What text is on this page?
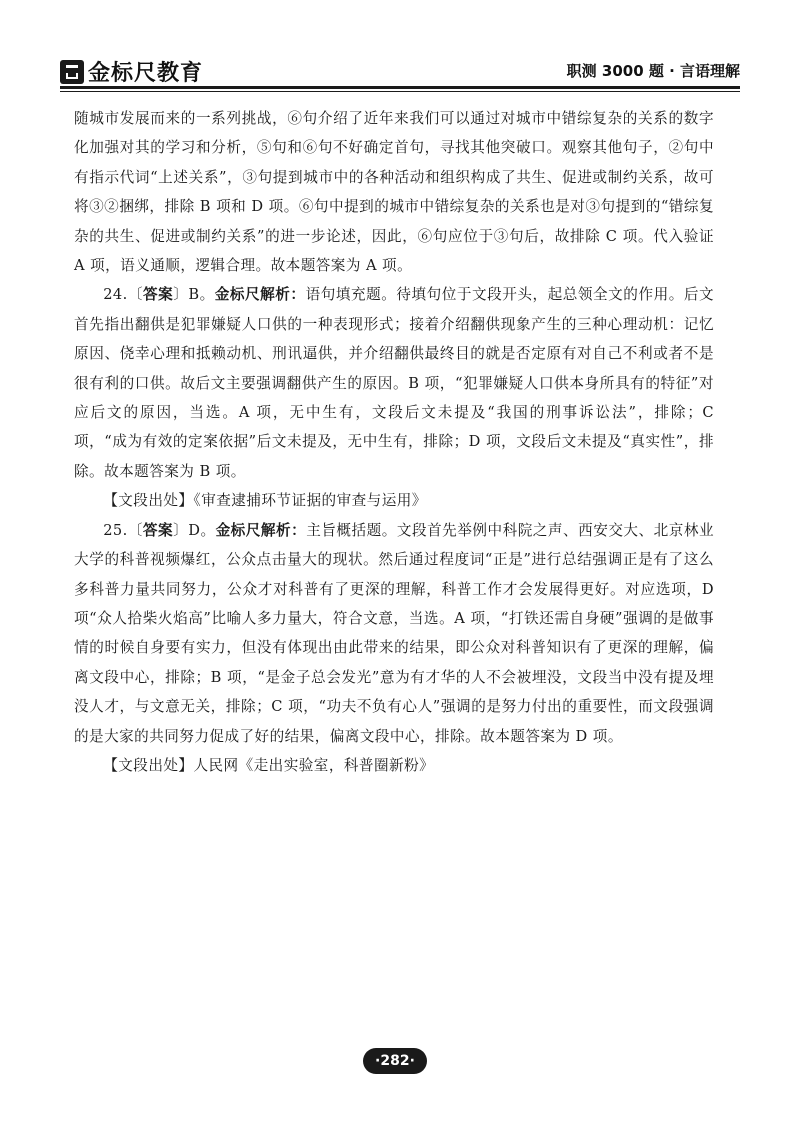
金标尺教育	职测 3000 题 · 言语理解

随城市发展而来的一系列挑战，⑥句介绍了近年来我们可以通过对城市中错综复杂的关系的数字化加强对其的学习和分析，⑤句和⑥句不好确定首句，寻找其他突破口。观察其他句子，②句中有指示代词“上述关系”，③句提到城市中的各种活动和组织构成了共生、促进或制约关系，故可将③②捆绑，排除 B 项和 D 项。⑥句中提到的城市中错综复杂的关系也是对③句提到的“错综复杂的共生、促进或制约关系”的进一步论述，因此，⑥句应位于③句后，故排除 C 项。代入验证 A 项，语义通顺，逻辑合理。故本题答案为 A 项。

24.〔答案〕B。金标尺解析：语句填充题。待填句位于文段开头，起总领全文的作用。后文首先指出翻供是犯罪嫌疑人口供的一种表现形式；接着介绍翻供现象产生的三种心理动机：记忆原因、侥幸心理和抵赖动机、刑讯逼供，并介绍翻供最终目的就是否定原有对自己不利或者不是很有利的口供。故后文主要强调翻供产生的原因。B 项，“犯罪嫌疑人口供本身所具有的特征”对应后文的原因，当选。A 项，无中生有，文段后文未提及“我国的刑事诉讼法”，排除；C 项，“成为有效的定案依据”后文未提及，无中生有，排除；D 项，文段后文未提及“真实性”，排除。故本题答案为 B 项。

【文段出处】《审查逮捕环节证据的审查与运用》

25.〔答案〕D。金标尺解析：主旨概括题。文段首先举例中科院之声、西安交大、北京林业大学的科普视频爆红，公众点击量大的现状。然后通过程度词“正是”进行总结强调正是有了这么多科普力量共同努力，公众才对科普有了更深的理解，科普工作才会发展得更好。对应选项，D 项“众人拾柴火焰高”比喻人多力量大，符合文意，当选。A 项，“打铁还需自身硬”强调的是做事情的时候自身要有实力，但没有体现出由此带来的结果，即公众对科普知识有了更深的理解，偏离文段中心，排除；B 项，“是金子总会发光”意为有才华的人不会被埋没，文段当中没有提及埋没人才，与文意无关，排除；C 项，“功夫不负有心人”强调的是努力付出的重要性，而文段强调的是大家的共同努力促成了好的结果，偏离文段中心，排除。故本题答案为 D 项。

【文段出处】人民网《走出实验室，科普圈新粉》

·282·
